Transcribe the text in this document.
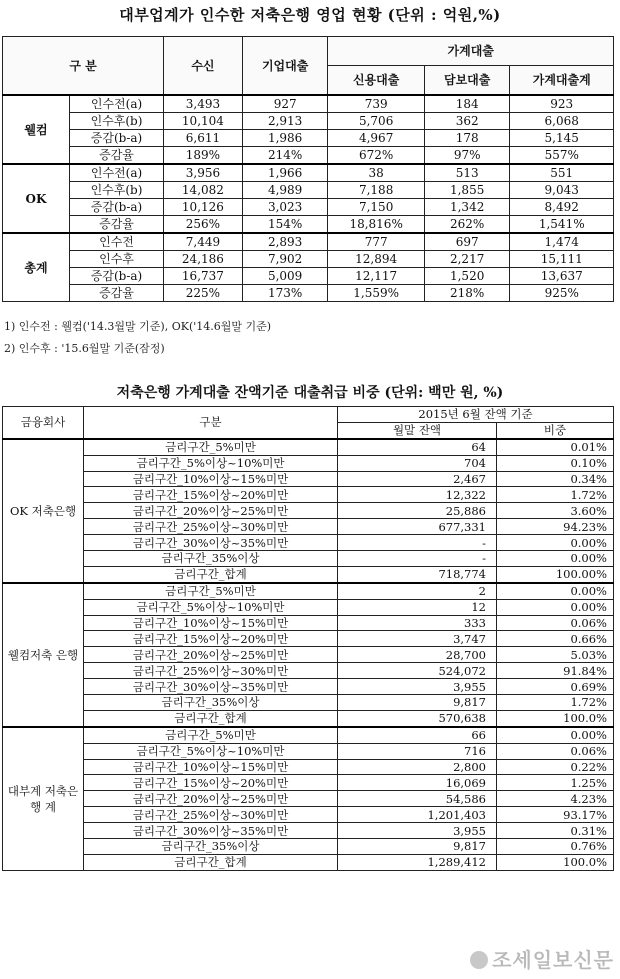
대부업계가 인수한 저축은행 영업 현황 (단위 : 억원,%)
구 분		수신	기업대출	가계대출		
				신용대출	담보대출	가계대출계
웰컴	인수전(a)	3,493	927	739	184	923
	인수후(b)	10,104	2,913	5,706	362	6,068
	증감(b-a)	6,611	1,986	4,967	178	5,145
	증감율	189%	214%	672%	97%	557%
OK	인수전(a)	3,956	1,966	38	513	551
	인수후(b)	14,082	4,989	7,188	1,855	9,043
	증감(b-a)	10,126	3,023	7,150	1,342	8,492
	증감율	256%	154%	18,816%	262%	1,541%
총계	인수전	7,449	2,893	777	697	1,474
	인수후	24,186	7,902	12,894	2,217	15,111
	증감(b-a)	16,737	5,009	12,117	1,520	13,637
	증감율	225%	173%	1,559%	218%	925%
1) 인수전 : 웰컴('14.3월말 기준), OK('14.6월말 기준)
2) 인수후 : '15.6월말 기준(잠정)
저축은행 가계대출 잔액기준 대출취급 비중 (단위: 백만 원, %)
금융회사	구분	2015년 6월 잔액 기준	
		월말 잔액	비중
OK 저축은행	금리구간_5%미만	64	0.01%
	금리구간_5%이상~10%미만	704	0.10%
	금리구간_10%이상~15%미만	2,467	0.34%
	금리구간_15%이상~20%미만	12,322	1.72%
	금리구간_20%이상~25%미만	25,886	3.60%
	금리구간_25%이상~30%미만	677,331	94.23%
	금리구간_30%이상~35%미만	-	0.00%
	금리구간_35%이상	-	0.00%
	금리구간_합계	718,774	100.00%
웰컴저축 은행	금리구간_5%미만	2	0.00%
	금리구간_5%이상~10%미만	12	0.00%
	금리구간_10%이상~15%미만	333	0.06%
	금리구간_15%이상~20%미만	3,747	0.66%
	금리구간_20%이상~25%미만	28,700	5.03%
	금리구간_25%이상~30%미만	524,072	91.84%
	금리구간_30%이상~35%미만	3,955	0.69%
	금리구간_35%이상	9,817	1.72%
	금리구간_합계	570,638	100.0%
대부계 저축은행 계	금리구간_5%미만	66	0.00%
	금리구간_5%이상~10%미만	716	0.06%
	금리구간_10%이상~15%미만	2,800	0.22%
	금리구간_15%이상~20%미만	16,069	1.25%
	금리구간_20%이상~25%미만	54,586	4.23%
	금리구간_25%이상~30%미만	1,201,403	93.17%
	금리구간_30%이상~35%미만	3,955	0.31%
	금리구간_35%이상	9,817	0.76%
	금리구간_합계	1,289,412	100.0%
조세일보신문
